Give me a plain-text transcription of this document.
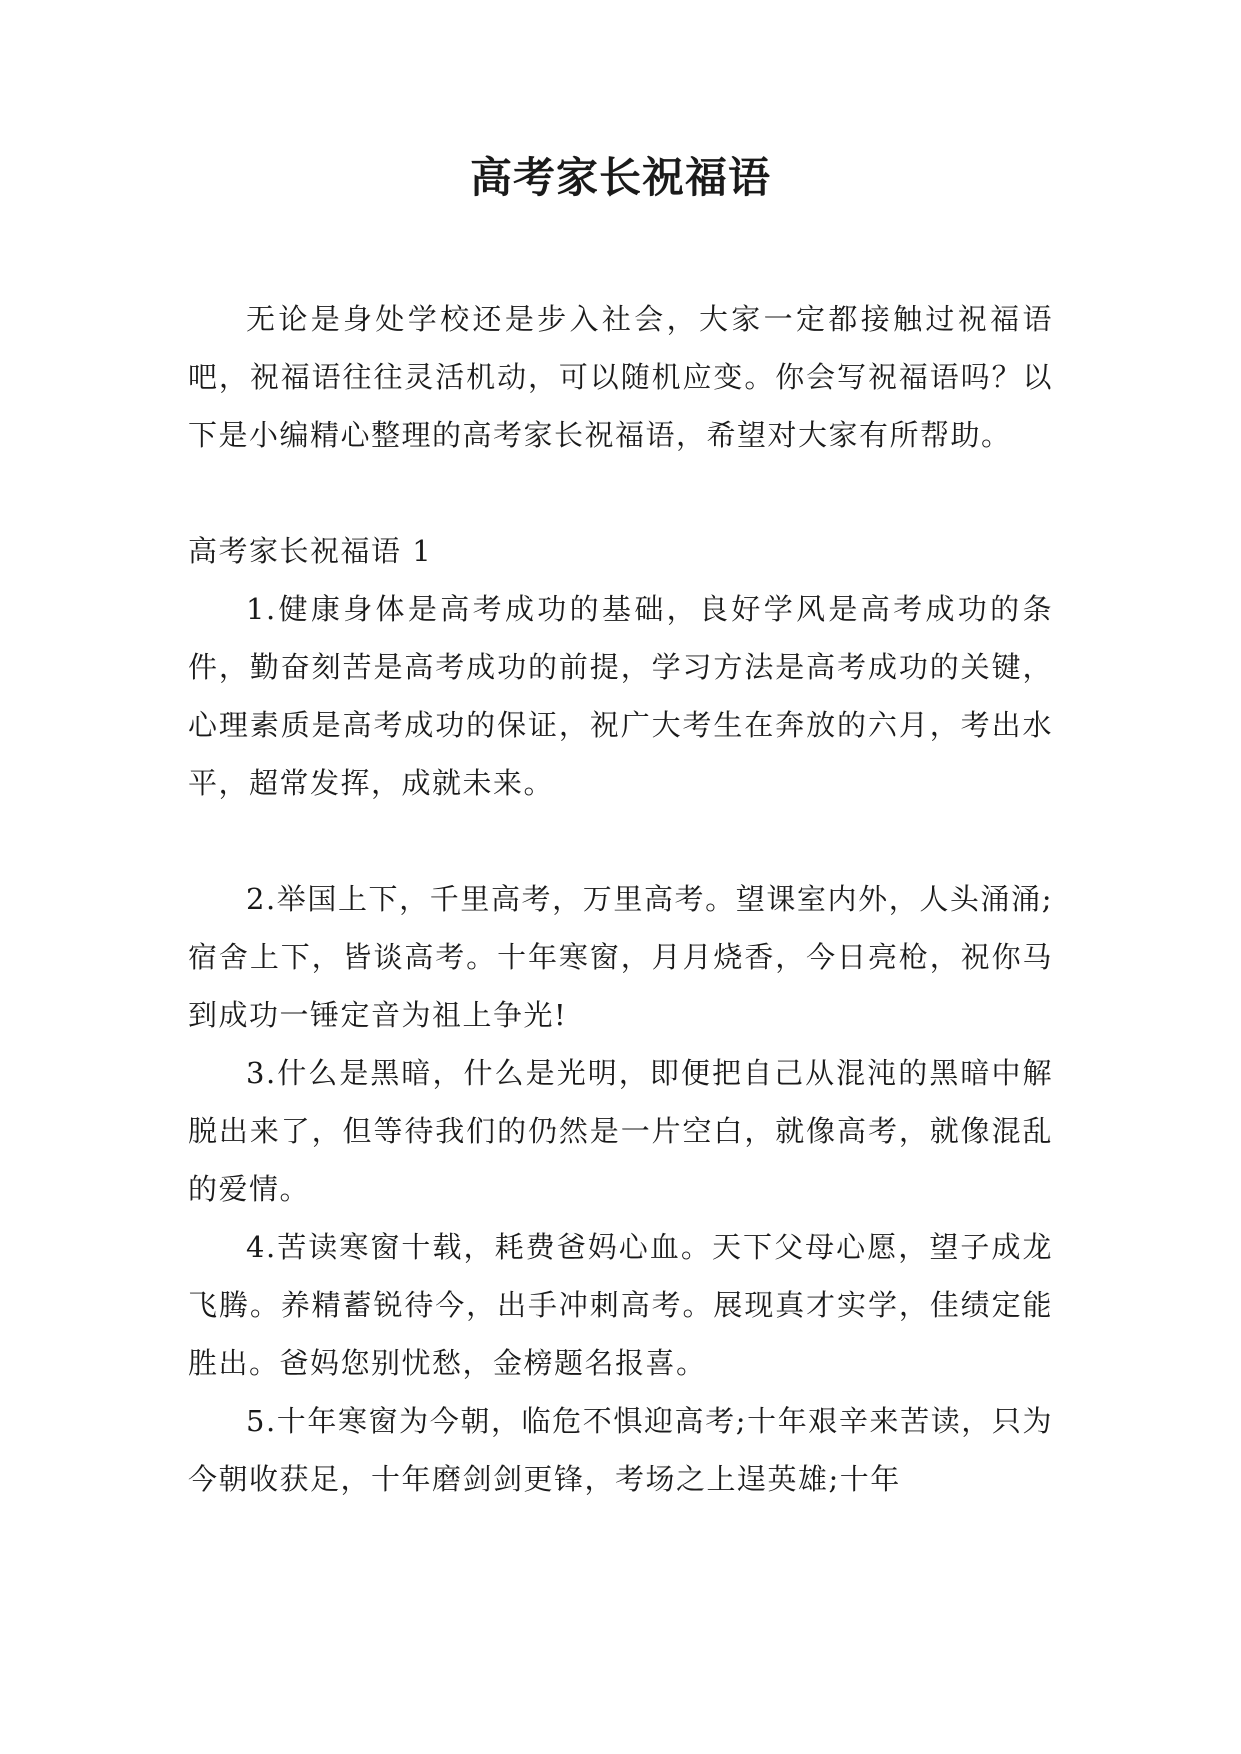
高考家长祝福语

无论是身处学校还是步入社会，大家一定都接触过祝福语吧，祝福语往往灵活机动，可以随机应变。你会写祝福语吗？以下是小编精心整理的高考家长祝福语，希望对大家有所帮助。

高考家长祝福语 1

1.健康身体是高考成功的基础，良好学风是高考成功的条件，勤奋刻苦是高考成功的前提，学习方法是高考成功的关键，心理素质是高考成功的保证，祝广大考生在奔放的六月，考出水平，超常发挥，成就未来。

2.举国上下，千里高考，万里高考。望课室内外，人头涌涌;宿舍上下，皆谈高考。十年寒窗，月月烧香，今日亮枪，祝你马到成功一锤定音为祖上争光!

3.什么是黑暗，什么是光明，即便把自己从混沌的黑暗中解脱出来了，但等待我们的仍然是一片空白，就像高考，就像混乱的爱情。

4.苦读寒窗十载，耗费爸妈心血。天下父母心愿，望子成龙飞腾。养精蓄锐待今，出手冲刺高考。展现真才实学，佳绩定能胜出。爸妈您别忧愁，金榜题名报喜。

5.十年寒窗为今朝，临危不惧迎高考;十年艰辛来苦读，只为今朝收获足，十年磨剑剑更锋，考场之上逞英雄;十年
